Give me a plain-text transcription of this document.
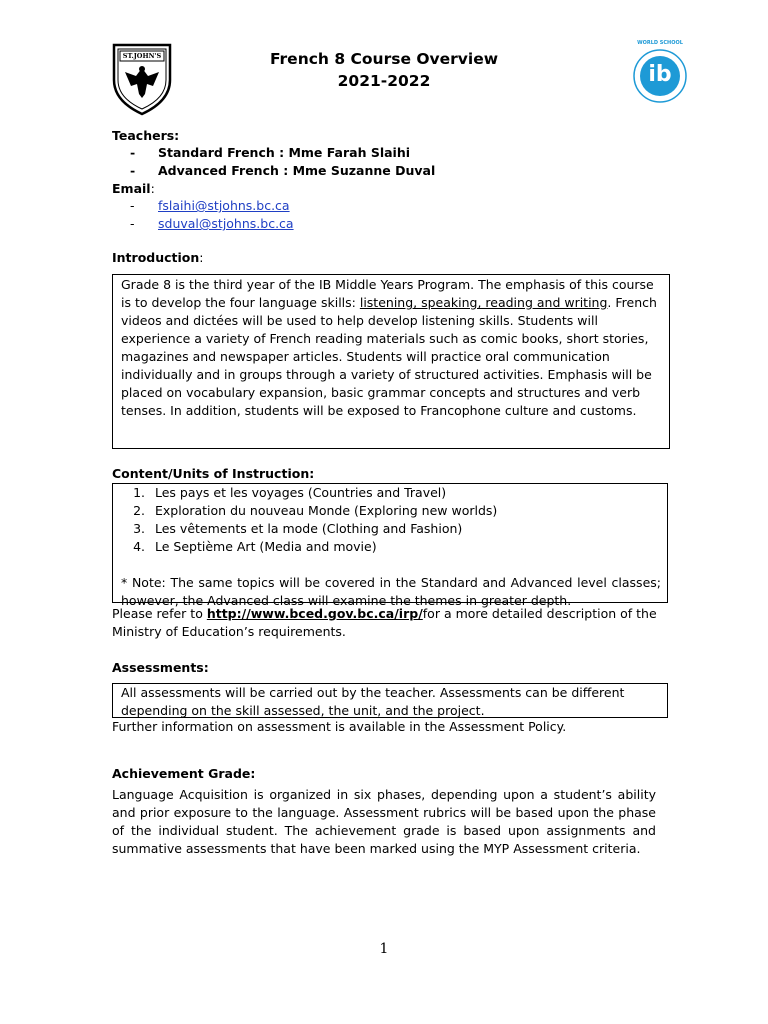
ST.JOHN'S	French 8 Course Overview
2021-2022	ib
WORLD SCHOOL
Teachers:
- Standard French : Mme Farah Slaihi
- Advanced French : Mme Suzanne Duval
Email:
- fslaihi@stjohns.bc.ca
- sduval@stjohns.bc.ca
Introduction:
Grade 8 is the third year of the IB Middle Years Program. The emphasis of this course is to develop the four language skills: listening, speaking, reading and writing. French videos and dictées will be used to help develop listening skills. Students will experience a variety of French reading materials such as comic books, short stories, magazines and newspaper articles. Students will practice oral communication individually and in groups through a variety of structured activities. Emphasis will be placed on vocabulary expansion, basic grammar concepts and structures and verb tenses. In addition, students will be exposed to Francophone culture and customs.
Content/Units of Instruction:
1. Les pays et les voyages (Countries and Travel)
2. Exploration du nouveau Monde (Exploring new worlds)
3. Les vêtements et la mode (Clothing and Fashion)
4. Le Septième Art (Media and movie)
* Note: The same topics will be covered in the Standard and Advanced level classes; however, the Advanced class will examine the themes in greater depth.
Please refer to http://www.bced.gov.bc.ca/irp/for a more detailed description of the Ministry of Education’s requirements.
Assessments:
All assessments will be carried out by the teacher. Assessments can be different depending on the skill assessed, the unit, and the project.
Further information on assessment is available in the Assessment Policy.
Achievement Grade:
Language Acquisition is organized in six phases, depending upon a student’s ability and prior exposure to the language. Assessment rubrics will be based upon the phase of the individual student. The achievement grade is based upon assignments and summative assessments that have been marked using the MYP Assessment criteria.
1
